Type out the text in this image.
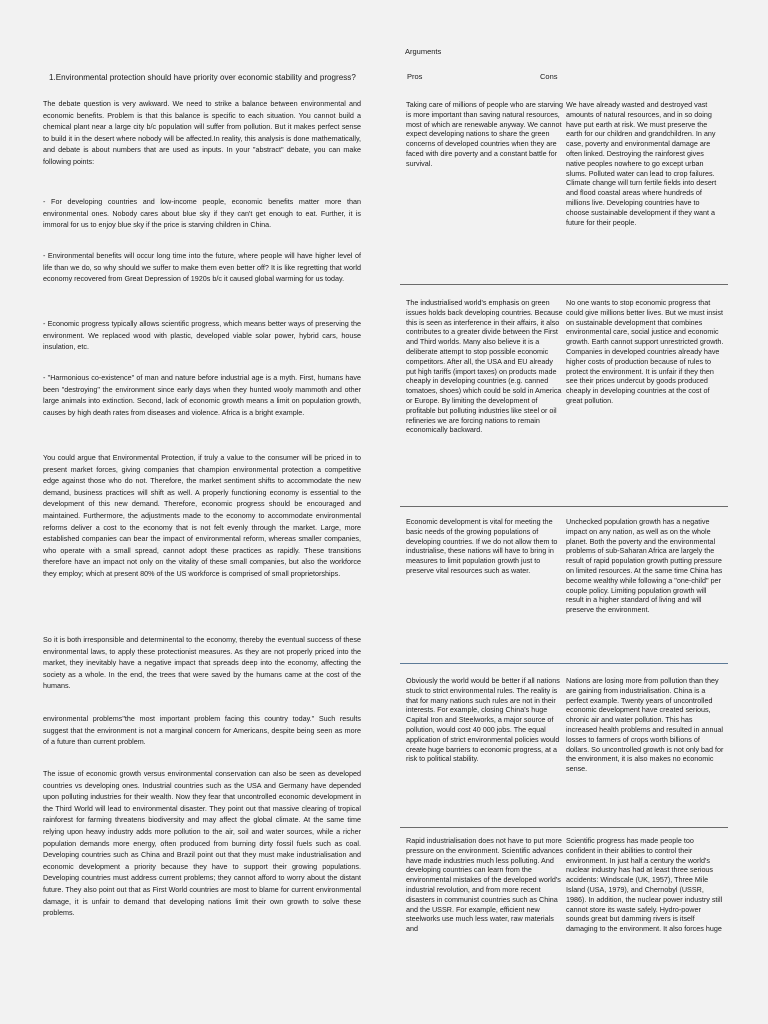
1.Environmental protection should have priority over economic stability and progress?

The debate question is very awkward. We need to strike a balance between environmental and economic benefits. Problem is that this balance is specific to each situation. You cannot build a chemical plant near a large city b/c population will suffer from pollution. But it makes perfect sense to build it in the desert where nobody will be affected.In reality, this analysis is done mathematically, and debate is about numbers that are used as inputs. In your "abstract" debate, you can make following points:

- For developing countries and low-income people, economic benefits matter more than environmental ones. Nobody cares about blue sky if they can't get enough to eat. Further, it is immoral for us to enjoy blue sky if the price is starving children in China.

- Environmental benefits will occur long time into the future, where people will have higher level of life than we do, so why should we suffer to make them even better off? It is like regretting that world economy recovered from Great Depression of 1920s b/c it caused global warming for us today.

- Economic progress typically allows scientific progress, which means better ways of preserving the environment. We replaced wood with plastic, developed viable solar power, hybrid cars, house insulation, etc.

- "Harmonious co-existence" of man and nature before industrial age is a myth. First, humans have been "destroying" the environment since early days when they hunted wooly mammoth and other large animals into extinction. Second, lack of economic growth means a limit on population growth, causes by high death rates from diseases and violence. Africa is a bright example.

You could argue that Environmental Protection, if truly a value to the consumer will be priced in to present market forces, giving companies that champion environmental protection a competitive edge against those who do not. Therefore, the market sentiment shifts to accommodate the new demand, business practices will shift as well. A properly functioning economy is essential to the development of this new demand. Therefore, economic progress should be encouraged and maintained. Furthermore, the adjustments made to the economy to accommodate environmental reforms deliver a cost to the economy that is not felt evenly through the market. Large, more established companies can bear the impact of environmental reform, whereas smaller companies, who operate with a small spread, cannot adopt these practices as rapidly. These transitions therefore have an impact not only on the vitality of these small companies, but also the workforce they employ; which at present 80% of the US workforce is comprised of small proprietorships.

So it is both irresponsible and determinental to the economy, thereby the eventual success of these environmental laws, to apply these protectionist measures. As they are not properly priced into the market, they inevitably have a negative impact that spreads deep into the economy, affecting the society as a whole. In the end, the trees that were saved by the humans came at the cost of the humans.

environmental problems"the most important problem facing this country today." Such results suggest that the environment is not a marginal concern for Americans, despite being seen as more of a future than current problem.

The issue of economic growth versus environmental conservation can also be seen as developed countries vs developing ones. Industrial countries such as the USA and Germany have depended upon polluting industries for their wealth. Now they fear that uncontrolled economic development in the Third World will lead to environmental disaster. They point out that massive clearing of tropical rainforest for farming threatens biodiversity and may affect the global climate. At the same time relying upon heavy industry adds more pollution to the air, soil and water sources, while a richer population demands more energy, often produced from burning dirty fossil fuels such as coal. Developing countries such as China and Brazil point out that they must make industrialisation and economic development a priority because they have to support their growing populations. Developing countries must address current problems; they cannot afford to worry about the distant future. They also point out that as First World countries are most to blame for current environmental damage, it is unfair to demand that developing nations limit their own growth to solve these problems.

Arguments
Pros	Cons

Taking care of millions of people who are starving is more important than saving natural resources, most of which are renewable anyway. We cannot expect developing nations to share the green concerns of developed countries when they are faced with dire poverty and a constant battle for survival.

We have already wasted and destroyed vast amounts of natural resources, and in so doing have put earth at risk. We must preserve the earth for our children and grandchildren. In any case, poverty and environmental damage are often linked. Destroying the rainforest gives native peoples nowhere to go except urban slums. Polluted water can lead to crop failures. Climate change will turn fertile fields into desert and flood coastal areas where hundreds of millions live. Developing countries have to choose sustainable development if they want a future for their people.

The industrialised world's emphasis on green issues holds back developing countries. Because this is seen as interference in their affairs, it also contributes to a greater divide between the First and Third worlds. Many also believe it is a deliberate attempt to stop possible economic competitors. After all, the USA and EU already put high tariffs (import taxes) on products made cheaply in developing countries (e.g. canned tomatoes, shoes) which could be sold in America or Europe. By limiting the development of profitable but polluting industries like steel or oil refineries we are forcing nations to remain economically backward.

No one wants to stop economic progress that could give millions better lives. But we must insist on sustainable development that combines environmental care, social justice and economic growth. Earth cannot support unrestricted growth. Companies in developed countries already have higher costs of production because of rules to protect the environment. It is unfair if they then see their prices undercut by goods produced cheaply in developing countries at the cost of great pollution.

Economic development is vital for meeting the basic needs of the growing populations of developing countries. If we do not allow them to industrialise, these nations will have to bring in measures to limit population growth just to preserve vital resources such as water.

Unchecked population growth has a negative impact on any nation, as well as on the whole planet. Both the poverty and the environmental problems of sub-Saharan Africa are largely the result of rapid population growth putting pressure on limited resources. At the same time China has become wealthy while following a "one-child" per couple policy. Limiting population growth will result in a higher standard of living and will preserve the environment.

Obviously the world would be better if all nations stuck to strict environmental rules. The reality is that for many nations such rules are not in their interests. For example, closing China's huge Capital Iron and Steelworks, a major source of pollution, would cost 40 000 jobs. The equal application of strict environmental policies would create huge barriers to economic progress, at a risk to political stability.

Nations are losing more from pollution than they are gaining from industrialisation. China is a perfect example. Twenty years of uncontrolled economic development have created serious, chronic air and water pollution. This has increased health problems and resulted in annual losses to farmers of crops worth billions of dollars. So uncontrolled growth is not only bad for the environment, it is also makes no economic sense.

Rapid industrialisation does not have to put more pressure on the environment. Scientific advances have made industries much less polluting. And developing countries can learn from the environmental mistakes of the developed world's industrial revolution, and from more recent disasters in communist countries such as China and the USSR. For example, efficient new steelworks use much less water, raw materials and

Scientific progress has made people too confident in their abilities to control their environment. In just half a century the world's nuclear industry has had at least three serious accidents: Windscale (UK, 1957), Three Mile Island (USA, 1979), and Chernobyl (USSR, 1986). In addition, the nuclear power industry still cannot store its waste safely. Hydro-power sounds great but damming rivers is itself damaging to the environment. It also forces huge
